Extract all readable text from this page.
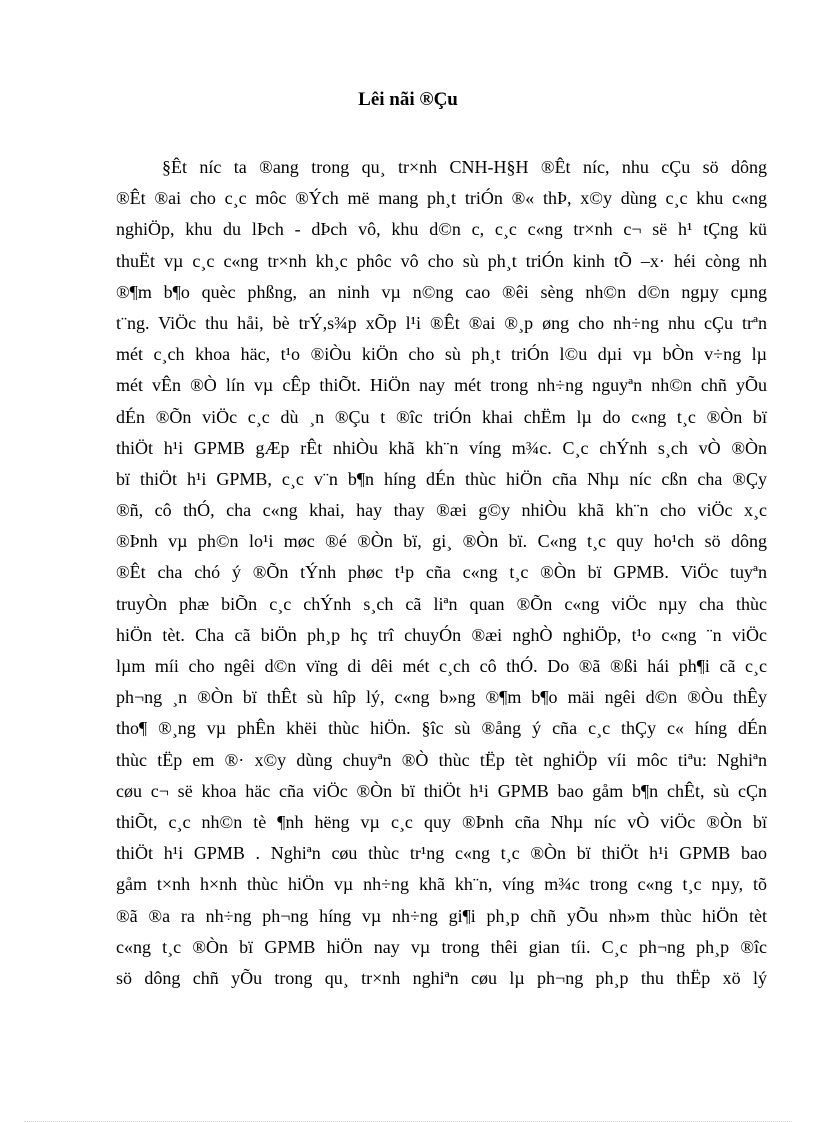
Lêi nãi ®Çu
§Êt níc ta ®ang trong qu¸ tr×nh CNH-H§H ®Êt níc, nhu cÇu sö dông
®Êt ®ai cho c¸c môc ®Ých më mang ph¸t triÓn ®« thÞ, x©y dùng c¸c khu c«ng
nghiÖp, khu du lÞch - dÞch vô, khu d©n c, c¸c c«ng tr×nh c¬ së h¹ tÇng kü
thuËt vµ c¸c c«ng tr×nh kh¸c phôc vô cho sù ph¸t triÓn kinh tÕ –x· héi còng nh
®¶m b¶o quèc phßng, an ninh vµ n©ng cao ®êi sèng nh©n d©n ngµy cµng
t¨ng. ViÖc thu håi, bè trÝ,s¾p xÕp l¹i ®Êt ®ai ®¸p øng cho nh÷ng nhu cÇu trªn
mét c¸ch khoa häc, t¹o ®iÒu kiÖn cho sù ph¸t triÓn l©u dµi vµ bÒn v÷ng lµ
mét vÊn ®Ò lín vµ cÊp thiÕt. HiÖn nay mét trong nh÷ng nguyªn nh©n chñ yÕu
dÉn ®Õn viÖc c¸c dù ¸n ®Çu t ®îc triÓn khai chËm lµ do c«ng t¸c ®Òn bï
thiÖt h¹i GPMB gÆp rÊt nhiÒu khã kh¨n víng m¾c. C¸c chÝnh s¸ch vÒ ®Òn
bï thiÖt h¹i GPMB, c¸c v¨n b¶n híng dÉn thùc hiÖn cña Nhµ níc cßn cha ®Çy
®ñ, cô thÓ, cha c«ng khai, hay thay ®æi g©y nhiÒu khã kh¨n cho viÖc x¸c
®Þnh vµ ph©n lo¹i møc ®é ®Òn bï, gi¸ ®Òn bï. C«ng t¸c quy ho¹ch sö dông
®Êt cha chó ý ®Õn tÝnh phøc t¹p cña c«ng t¸c ®Òn bï GPMB. ViÖc tuyªn
truyÒn phæ biÕn c¸c chÝnh s¸ch cã liªn quan ®Õn c«ng viÖc nµy cha thùc
hiÖn tèt. Cha cã biÖn ph¸p hç trî chuyÓn ®æi nghÒ nghiÖp, t¹o c«ng ¨n viÖc
lµm míi cho ngêi d©n vïng di dêi mét c¸ch cô thÓ. Do ®ã ®ßi hái ph¶i cã c¸c
ph¬ng ¸n ®Òn bï thÊt sù hîp lý, c«ng b»ng ®¶m b¶o mäi ngêi d©n ®Òu thÊy
tho¶ ®¸ng vµ phÊn khëi thùc hiÖn. §îc sù ®ång ý cña c¸c thÇy c« híng dÉn
thùc tËp em ®· x©y dùng chuyªn ®Ò thùc tËp tèt nghiÖp víi môc tiªu: Nghiªn
cøu c¬ së khoa häc cña viÖc ®Òn bï thiÖt h¹i GPMB bao gåm b¶n chÊt, sù cÇn
thiÕt, c¸c nh©n tè ¶nh hëng vµ c¸c quy ®Þnh cña Nhµ níc vÒ viÖc ®Òn bï
thiÖt h¹i GPMB . Nghiªn cøu thùc tr¹ng c«ng t¸c ®Òn bï thiÖt h¹i GPMB bao
gåm t×nh h×nh thùc hiÖn vµ nh÷ng khã kh¨n, víng m¾c trong c«ng t¸c nµy, tõ
®ã ®a ra nh÷ng ph¬ng híng vµ nh÷ng gi¶i ph¸p chñ yÕu nh»m thùc hiÖn tèt
c«ng t¸c ®Òn bï GPMB hiÖn nay vµ trong thêi gian tíi. C¸c ph¬ng ph¸p ®îc
sö dông chñ yÕu trong qu¸ tr×nh nghiªn cøu lµ ph¬ng ph¸p thu thËp xö lý
